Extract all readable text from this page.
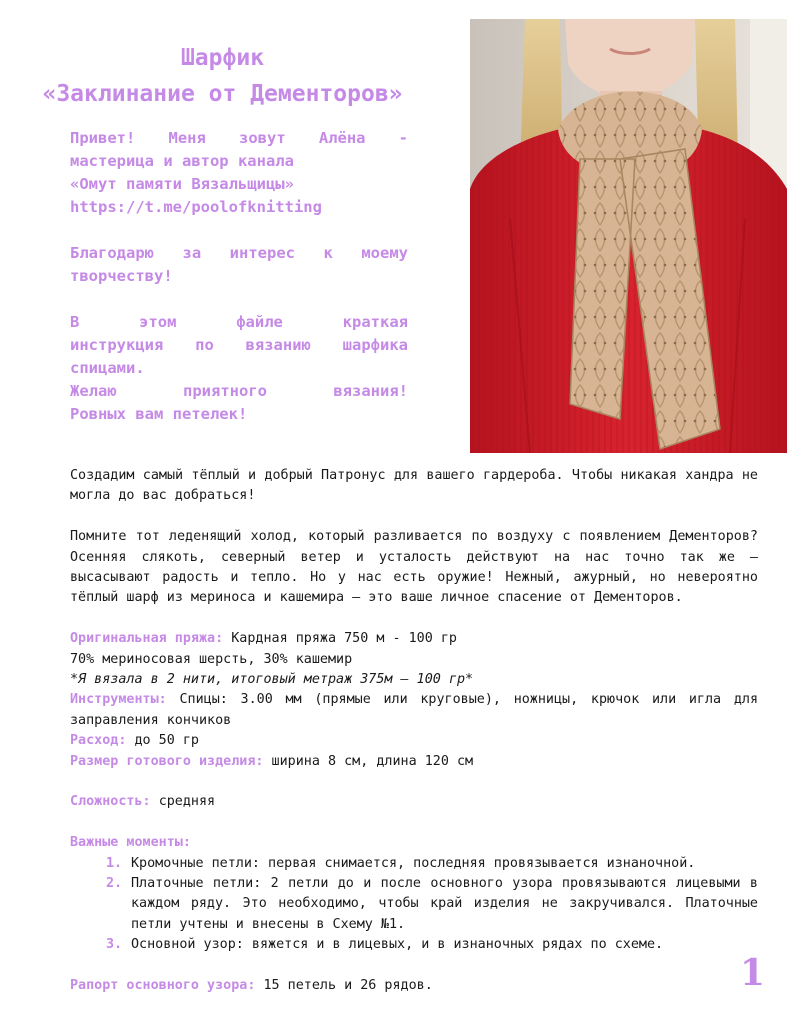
Шарфик
«Заклинание от Дементоров»

Привет! Меня зовут Алёна -
мастерица и автор канала
«Омут памяти Вязальщицы»
https://t.me/poolofknitting

Благодарю за интерес к моему
творчеству!

В этом файле краткая
инструкция по вязанию шарфика
спицами.
Желаю приятного вязания!
Ровных вам петелек!

Создадим самый тёплый и добрый Патронус для вашего гардероба. Чтобы никакая хандра не могла до вас добраться!

Помните тот леденящий холод, который разливается по воздуху с появлением Дементоров? Осенняя слякоть, северный ветер и усталость действуют на нас точно так же — высасывают радость и тепло. Но у нас есть оружие! Нежный, ажурный, но невероятно тёплый шарф из мериноса и кашемира — это ваше личное спасение от Дементоров.

Оригинальная пряжа: Кардная пряжа 750 м - 100 гр
70% мериносовая шерсть, 30% кашемир
*Я вязала в 2 нити, итоговый метраж 375м – 100 гр*
Инструменты: Спицы: 3.00 мм (прямые или круговые), ножницы, крючок или игла для заправления кончиков
Расход: до 50 гр
Размер готового изделия: ширина 8 см, длина 120 см
Сложность: средняя
Важные моменты:
1. Кромочные петли: первая снимается, последняя провязывается изнаночной.
2. Платочные петли: 2 петли до и после основного узора провязываются лицевыми в каждом ряду. Это необходимо, чтобы край изделия не закручивался. Платочные петли учтены и внесены в Схему №1.
3. Основной узор: вяжется и в лицевых, и в изнаночных рядах по схеме.
Рапорт основного узора: 15 петель и 26 рядов.	1
